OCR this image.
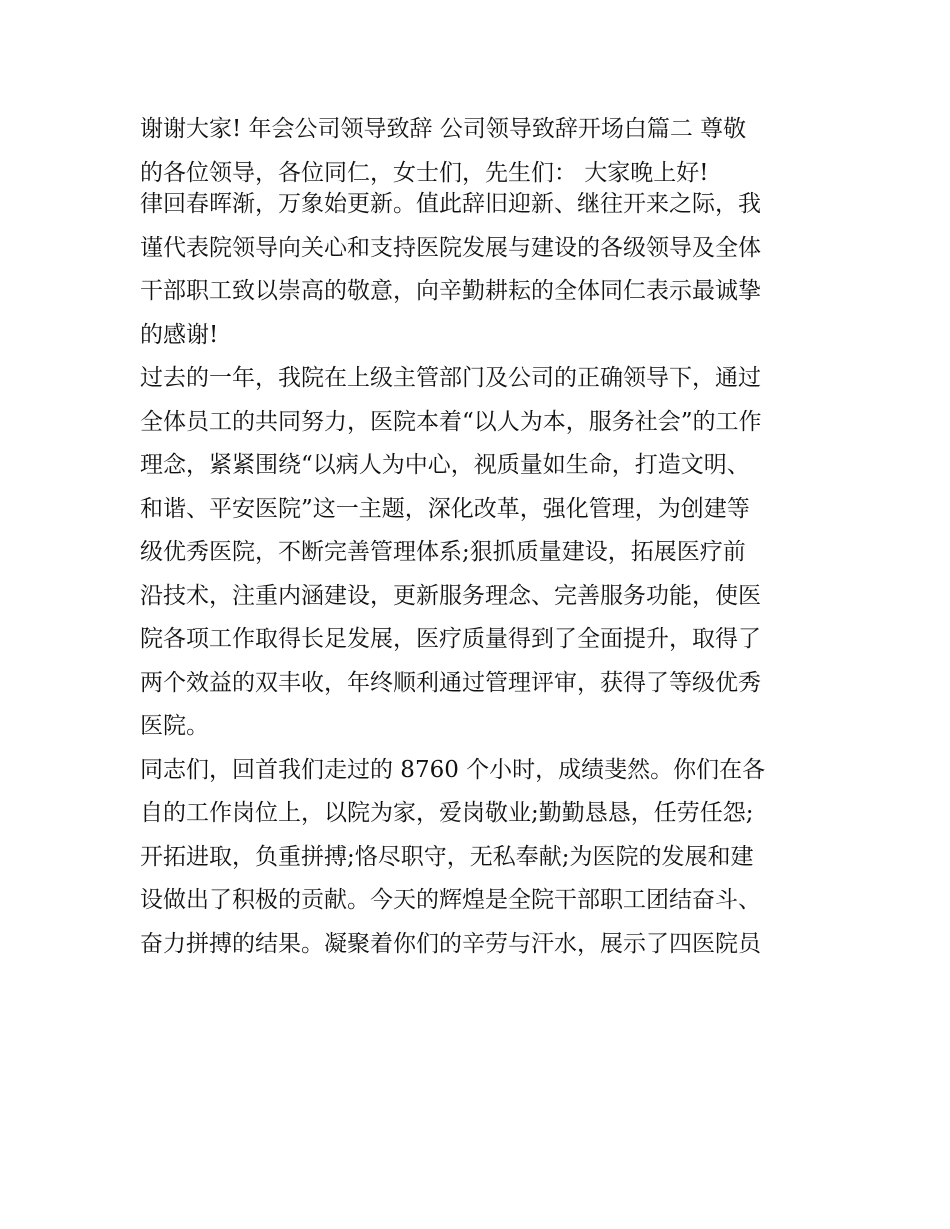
谢谢大家! 年会公司领导致辞 公司领导致辞开场白篇二 尊敬
的各位领导，各位同仁，女士们，先生们： 大家晚上好!
律回春晖渐，万象始更新。值此辞旧迎新、继往开来之际，我
谨代表院领导向关心和支持医院发展与建设的各级领导及全体
干部职工致以崇高的敬意，向辛勤耕耘的全体同仁表示最诚挚
的感谢!
过去的一年，我院在上级主管部门及公司的正确领导下，通过
全体员工的共同努力，医院本着“以人为本，服务社会”的工作
理念，紧紧围绕“以病人为中心，视质量如生命，打造文明、
和谐、平安医院”这一主题，深化改革，强化管理，为创建等
级优秀医院，不断完善管理体系;狠抓质量建设，拓展医疗前
沿技术，注重内涵建设，更新服务理念、完善服务功能，使医
院各项工作取得长足发展，医疗质量得到了全面提升，取得了
两个效益的双丰收，年终顺利通过管理评审，获得了等级优秀
医院。
同志们，回首我们走过的 8760 个小时，成绩斐然。你们在各
自的工作岗位上，以院为家，爱岗敬业;勤勤恳恳，任劳任怨;
开拓进取，负重拼搏;恪尽职守，无私奉献;为医院的发展和建
设做出了积极的贡献。今天的辉煌是全院干部职工团结奋斗、
奋力拼搏的结果。凝聚着你们的辛劳与汗水，展示了四医院员
